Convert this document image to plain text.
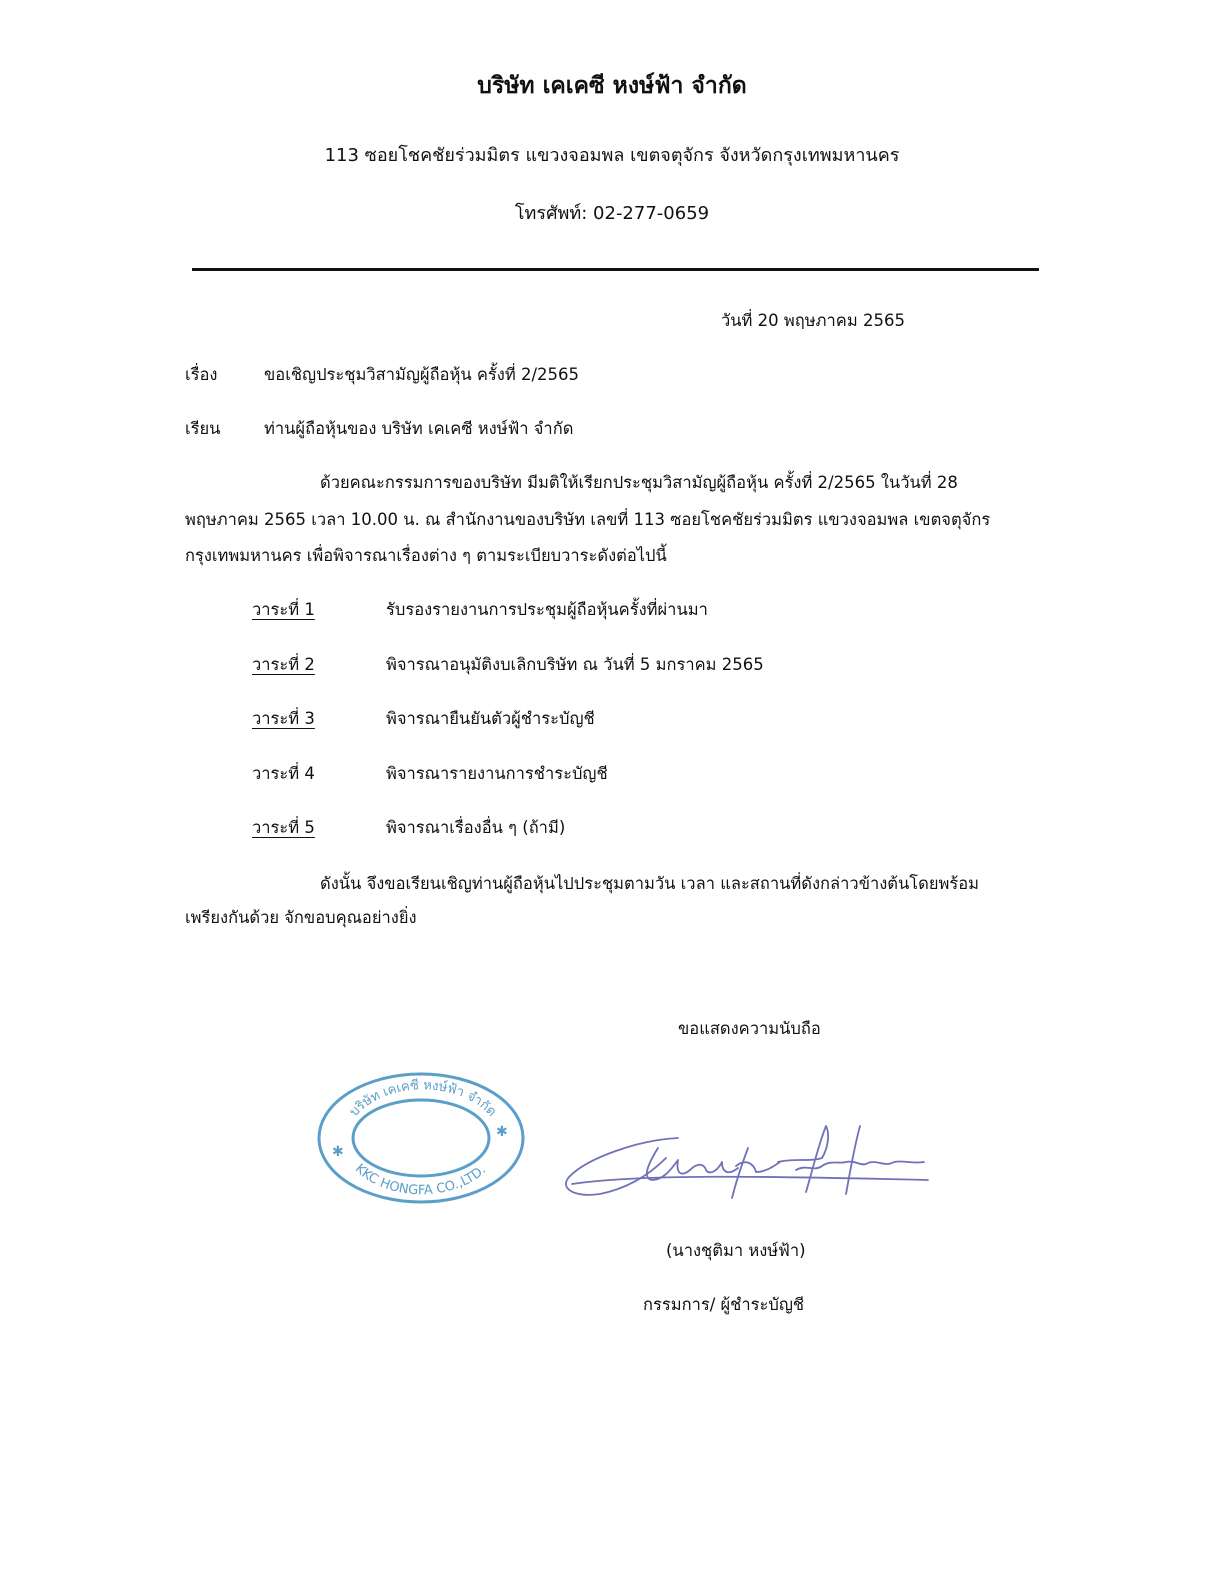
บริษัท เคเคซี หงษ์ฟ้า จำกัด
113 ซอยโชคชัยร่วมมิตร แขวงจอมพล เขตจตุจักร จังหวัดกรุงเทพมหานคร
โทรศัพท์: 02-277-0659
วันที่ 20 พฤษภาคม 2565
เรื่อง	ขอเชิญประชุมวิสามัญผู้ถือหุ้น ครั้งที่ 2/2565
เรียน	ท่านผู้ถือหุ้นของ บริษัท เคเคซี หงษ์ฟ้า จำกัด
ด้วยคณะกรรมการของบริษัท มีมติให้เรียกประชุมวิสามัญผู้ถือหุ้น ครั้งที่ 2/2565 ในวันที่ 28
พฤษภาคม 2565 เวลา 10.00 น. ณ สำนักงานของบริษัท เลขที่ 113 ซอยโชคชัยร่วมมิตร แขวงจอมพล เขตจตุจักร
กรุงเทพมหานคร เพื่อพิจารณาเรื่องต่าง ๆ ตามระเบียบวาระดังต่อไปนี้
วาระที่ 1	รับรองรายงานการประชุมผู้ถือหุ้นครั้งที่ผ่านมา
วาระที่ 2	พิจารณาอนุมัติงบเลิกบริษัท ณ วันที่ 5 มกราคม 2565
วาระที่ 3	พิจารณายืนยันตัวผู้ชำระบัญชี
วาระที่ 4	พิจารณารายงานการชำระบัญชี
วาระที่ 5	พิจารณาเรื่องอื่น ๆ (ถ้ามี)
ดังนั้น จึงขอเรียนเชิญท่านผู้ถือหุ้นไปประชุมตามวัน เวลา และสถานที่ดังกล่าวข้างต้นโดยพร้อม
เพรียงกันด้วย จักขอบคุณอย่างยิ่ง
ขอแสดงความนับถือ
บริษัท เคเคซี หงษ์ฟ้า จำกัด
KKC HONGFA CO.,LTD.
✱
✱
(นางชุติมา หงษ์ฟ้า)
กรรมการ/ ผู้ชำระบัญชี
